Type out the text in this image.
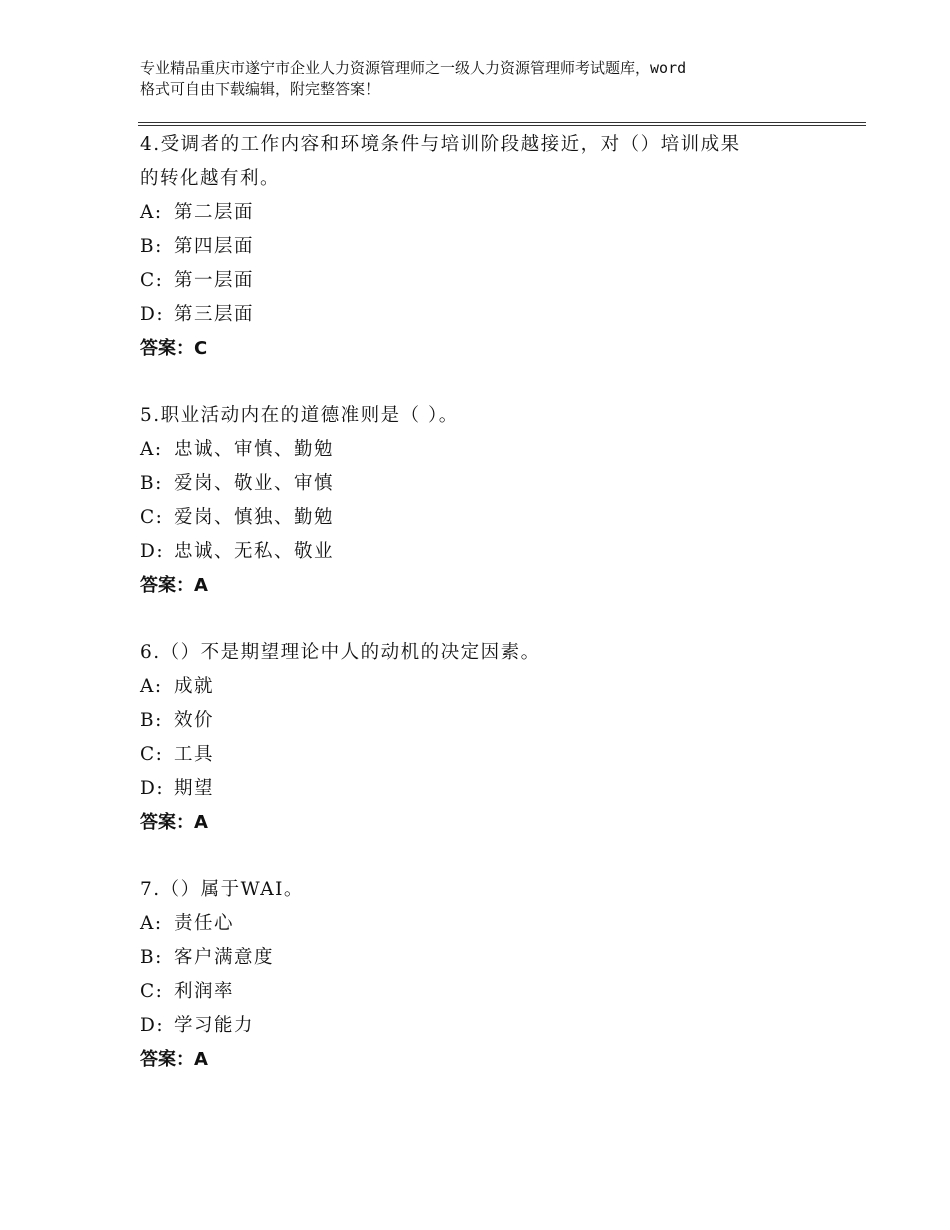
专业精品重庆市遂宁市企业人力资源管理师之一级人力资源管理师考试题库，word
格式可自由下载编辑，附完整答案！
4.受调者的工作内容和环境条件与培训阶段越接近，对（）培训成果
的转化越有利。
A: 第二层面
B: 第四层面
C: 第一层面
D: 第三层面
答案：C
5.职业活动内在的道德准则是（ ）。
A: 忠诚、审慎、勤勉
B: 爱岗、敬业、审慎
C: 爱岗、慎独、勤勉
D: 忠诚、无私、敬业
答案：A
6.（）不是期望理论中人的动机的决定因素。
A: 成就
B: 效价
C: 工具
D: 期望
答案：A
7.（）属于WAI。
A: 责任心
B: 客户满意度
C: 利润率
D: 学习能力
答案：A
